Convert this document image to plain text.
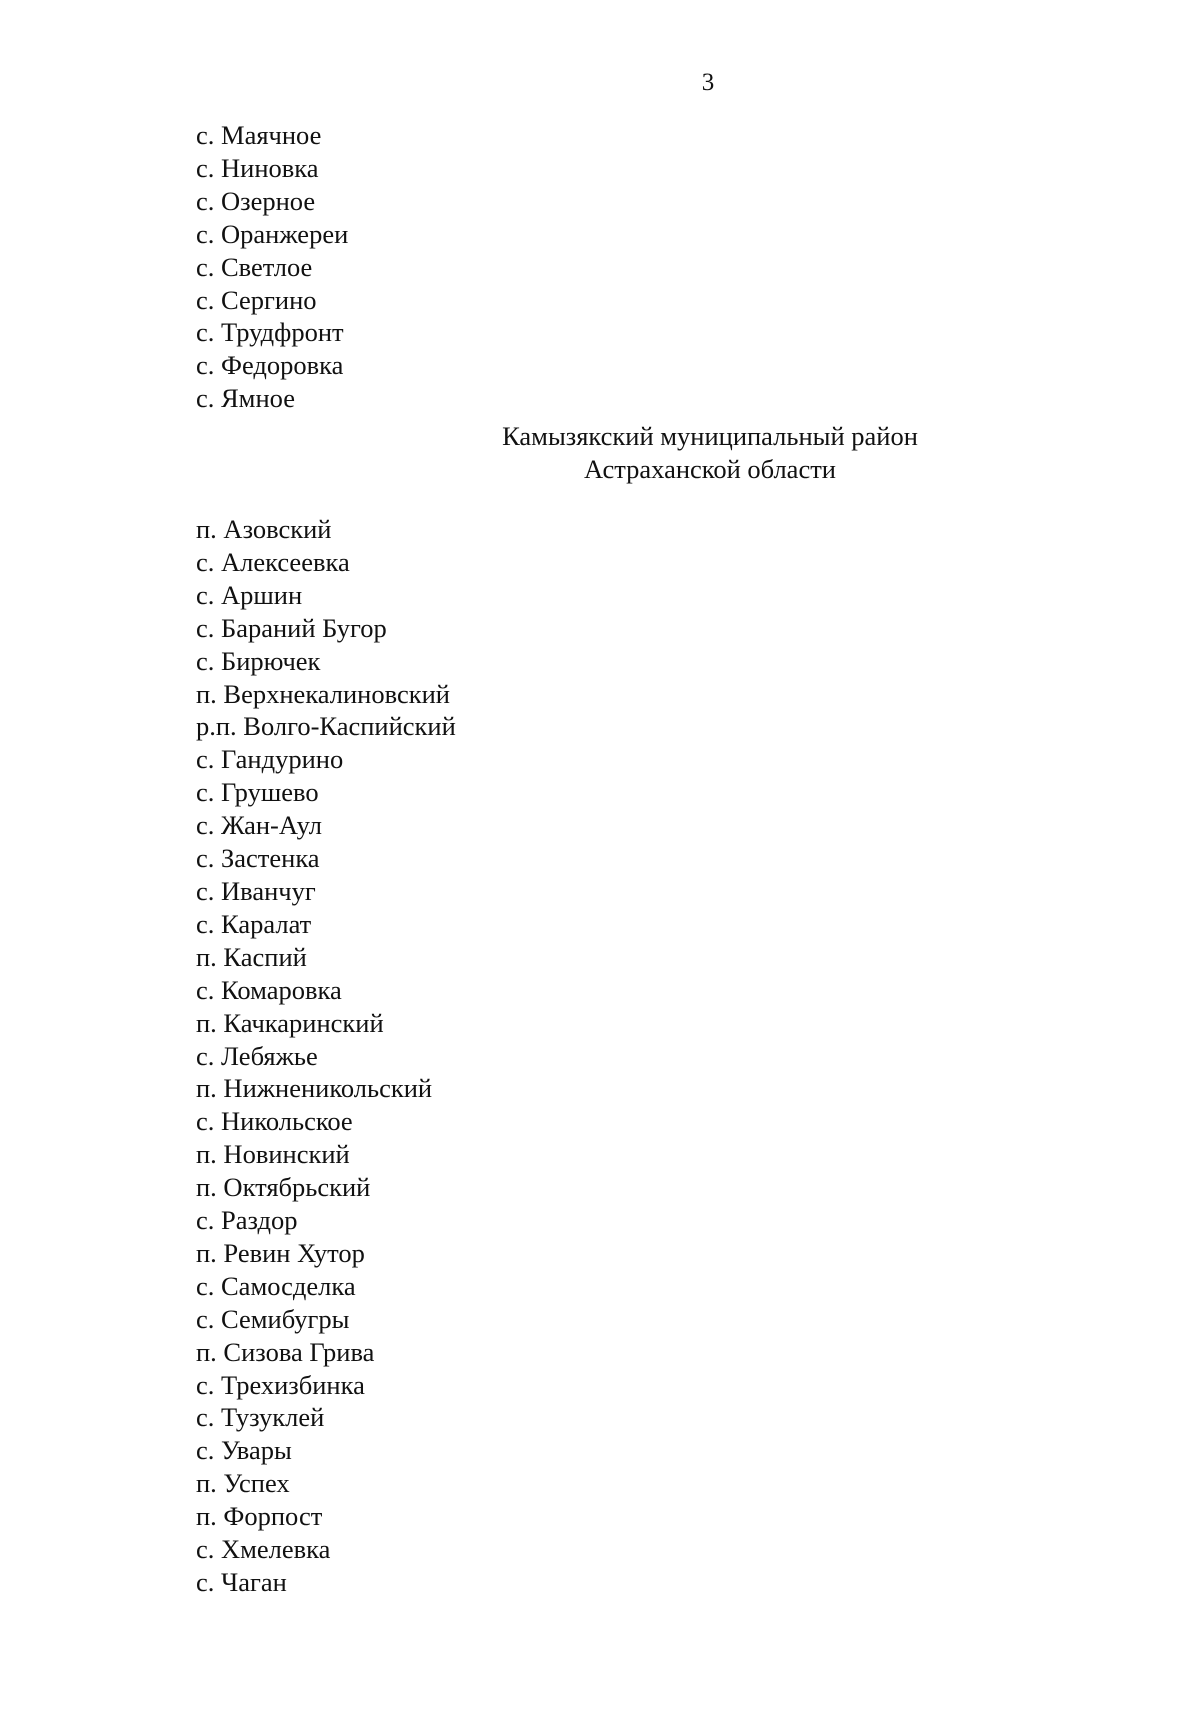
3
с. Маячное
с. Ниновка
с. Озерное
с. Оранжереи
с. Светлое
с. Сергино
с. Трудфронт
с. Федоровка
с. Ямное
Камызякский муниципальный район
Астраханской области
п. Азовский
с. Алексеевка
с. Аршин
с. Бараний Бугор
с. Бирючек
п. Верхнекалиновский
р.п. Волго-Каспийский
с. Гандурино
с. Грушево
с. Жан-Аул
с. Застенка
с. Иванчуг
с. Каралат
п. Каспий
с. Комаровка
п. Качкаринский
с. Лебяжье
п. Нижненикольский
с. Никольское
п. Новинский
п. Октябрьский
с. Раздор
п. Ревин Хутор
с. Самосделка
с. Семибугры
п. Сизова Грива
с. Трехизбинка
с. Тузуклей
с. Увары
п. Успех
п. Форпост
с. Хмелевка
с. Чаган
